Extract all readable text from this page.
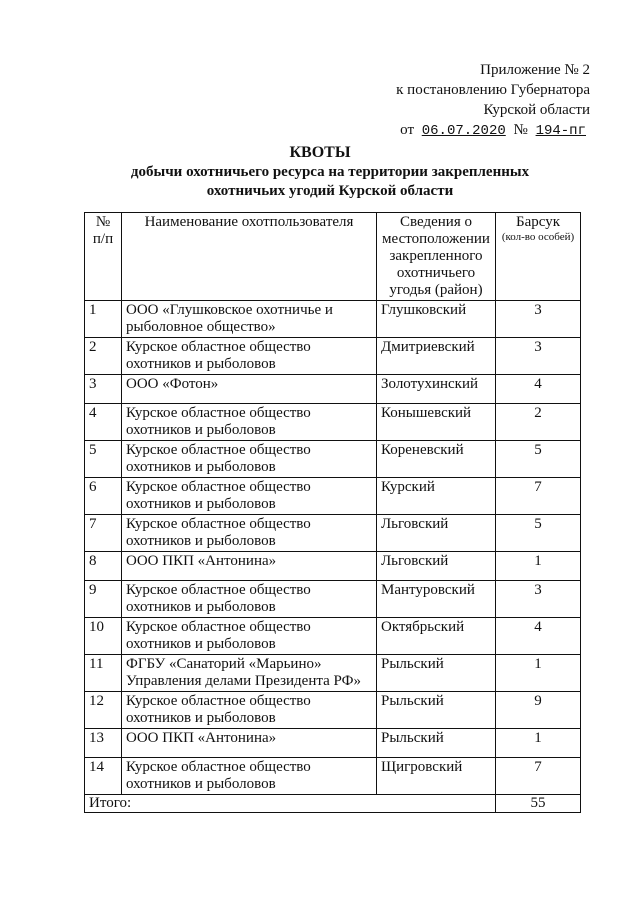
Приложение № 2
к постановлению Губернатора
Курской области
от 06.07.2020 № 194-пг
КВОТЫ
добычи охотничьего ресурса на территории закрепленных
охотничьих угодий Курской области
№ п/п	Наименование охотпользователя	Сведения о местоположении закрепленного охотничьего угодья (район)	Барсук
(кол-во особей)

1	ООО «Глушковское охотничье и рыболовное общество»	Глушковский	3
2	Курское областное общество охотников и рыболовов	Дмитриевский	3
3	ООО «Фотон»	Золотухинский	4
4	Курское областное общество охотников и рыболовов	Конышевский	2
5	Курское областное общество охотников и рыболовов	Кореневский	5
6	Курское областное общество охотников и рыболовов	Курский	7
7	Курское областное общество охотников и рыболовов	Льговский	5
8	ООО ПКП «Антонина»	Льговский	1
9	Курское областное общество охотников и рыболовов	Мантуровский	3
10	Курское областное общество охотников и рыболовов	Октябрьский	4
11	ФГБУ «Санаторий «Марьино» Управления делами Президента РФ»	Рыльский	1
12	Курское областное общество охотников и рыболовов	Рыльский	9
13	ООО ПКП «Антонина»	Рыльский	1
14	Курское областное общество охотников и рыболовов	Щигровский	7
Итого:			55
